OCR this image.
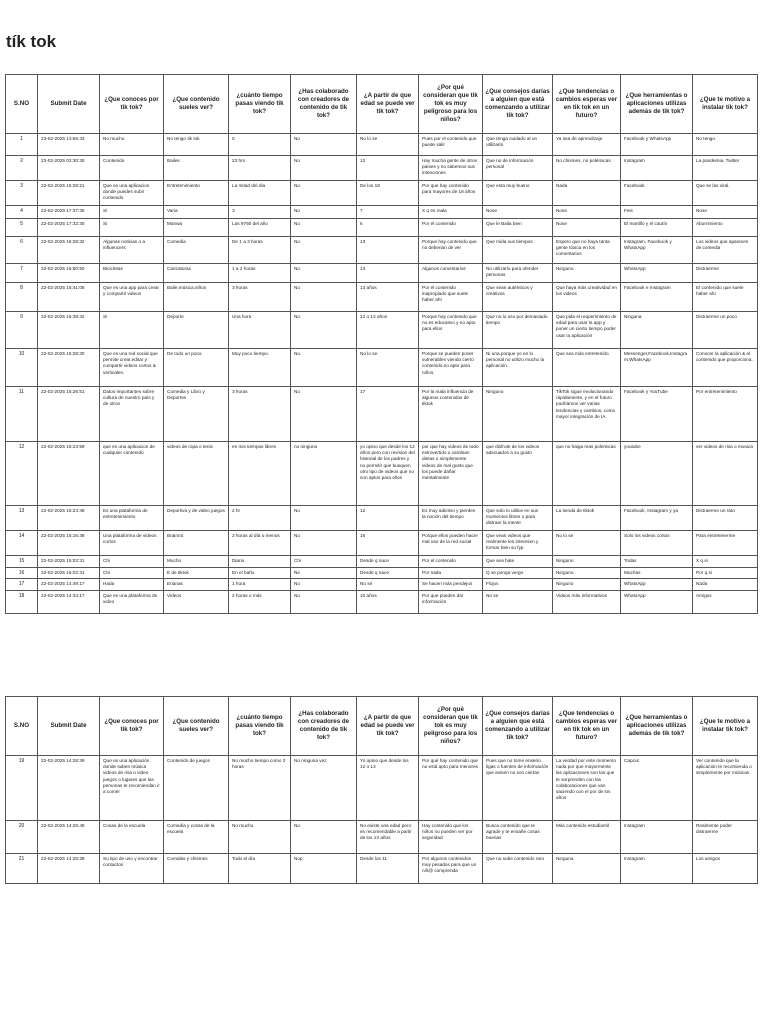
tík tok
S.NO	Submit Date	¿Que conoces por tik tok?	¿Que contenido sueles ver?	¿cuánto tiempo pasas viendo tik tok?	¿Has colaborado con creadores de contenido de tik tok?	¿A partir de que edad se puede ver tik tok?	¿Por qué consideran que tik tok es muy peligroso para los niños?	¿Que consejos darías a alguien que está comenzando a utilizar tik tok?	¿Que tendencias o cambios esperas ver en tik tok en un futuro?	¿Que herramientas o aplicaciones utilizas además de tik tok?	¿Que te motivo a instalar tik tok?
1	23-02-2025 13:55:43	No mucho	No tengo tik tok	0	No	No lo se	Pues por el contenido que puede salir	Que tenga cuidado al un utilizarlo	Ya sea de aprendizaje	Facebook y WhatsApp	No tengo
2	23-02-2025 02:30:30	Contenido	Bailes	23 hrs	No	12	Hay mucha gente de otros países y no sabemos sus intenciones	Que no de información personal	No chismes, no polémicas	Instagram	La pandemia. Twitter
3	22-02-2025 15:28:21	Que es una aplicacion donde puedes subir contenido	Entretenimiento	La mitad del dia	No	De los 18	Por que hay contenido para mayores de 18 años	Que esta muy bueno	Nada	Facebook	Que se las viral.
4	22-02-2025 17:37:36	Si	Varia	3	No	7	X q es mala	Nose	Nose	Feis	Nose
5	22-02-2025 17:32:30	Si	Manwa	Las 9760 del año	No	6	Por el contenido	Que le Baila bien	Nose	El martillo y el cautín	Aburrimiento
6	22-02-2025 16:29:32	Algunas noticias o a influencers	Comedia	De 1 a 3 horas	No	13	Porque hay contenido que no deberian de ver	Que mida sus tiempos	Espero que no haya tanta gente tóxica en los comentarios	Instagram, Facebook y WhatsApp	Los videos que aparecen de comedia
7	22-02-2025 15:50:50	Bicicletas	Caricaturas	1 a 2 horas	No	13	Algunos comentarios	No utilizarlo para ofender personas	Ninguno	WhatsApp	Distraerme
8	22-02-2025 15:41:05	Que es una app para crear y compartir videos	Baile,música,niños	3 horas	No	13 años	Por el contenido inapropiado que suele haber ahí	Que sean auténticos y creativos	Que haya más creatividad en los videos	Facebook e Instagram	El contenido que suele haber ahí
9	22-02-2025 15:38:42	Si	Deporte	Una hora	No	12 o 13 años	Porque hay contenido que no es educativo y no apto para ellos	Que no lo uso por demasiado tiempo	Que pida el requerimiento de edad para usar la app y poner un cierto tiempo poder usar la aplicación	Ninguna	Distraerme un poco
10	22-02-2025 15:29:30	Que es una red social que permite crear,editar y compartir videos cortos & verticales.	De todo un poco.	Muy poco tiempo.	No.	No lo se.	Porque se pueden poner vulnerables viendo cierto contenido,no apto para niños.	Ni una,porque yo en lo personal no utilizo mucho la aplicación.	Que sea más entretenido.	Messenger,Facebook,Instagram,WhatsApp	Conocer la aplicación & el contenido que proporciona.
11	22-02-2025 15:26:51	Datos importantes sobre cultura de nuestro país y de otros	Comedia y Libro y Deportes	3 horas	No	17	Por la mala influencia de algunos contenidos de tiktok	Ninguno	TikTok sigue evolucionando rápidamente, y en el futuro podríamos ver varias tendencias y cambios, como mayor integración de IA	Facebook y YouTube	Por entretenimiento
12	22-02-2025 15:23:59	que es una aplicacion de cualquier contenido	videos de ropa o tenis	en mis tiempos libres	no ninguno	yo opino que desde los 12 años pero con revision del historial de los padres y no permitir que busquen otro tipo de videos que no son aptos para ellos	por que hay videos de todo extrovertido o cambian dietas o simplemente videos de mal gusto que los puede dañar mentalmente	que disfrute de los videos adecuados a su gusto	que no haiga mas polemicas	youtube	ver videos de risa o musica
13	22-02-2025 15:23:49	Es una plataforma de entretenimiento	Deportiva y de video juegos	2 hr	No	12	Es muy adictivo y pierden la noción del tiempo	Que solo lo utilice en sus momentos libres o para distraer la mente	La tienda de tiktok	Facebook, Instagram y ya	Distraerme un rato
14	22-02-2025 15:16:48	Una plataforma de videos cortos	Brainrot	2 horas al día o menos	No	16	Porque ellos pueden hacer mal uso de la red social	Que vean videos que realmente les interesen y formar bien su fyp	No lo se	Solo los videos cortos	Para entretenerme
15	22-02-2025 15:03:31	Chi	Mucho	Diario	Chi	Desde q nace	Por el contenido	Que sea hate	Ninguno	Todas	X q si
16	22-02-2025 15:02:31	Chi	E de tiktok	En el baño	Ñe	Desde q nace	Por nada	Q se ponga vergo	Ninguno	Muchas	Por q si
17	22-02-2025 14:49:17	Hada	Enanas	1 hora	No	No sé	Se hacen más pendejos	Flojos	Ninguno	WhatsApp	Nada
18	22-02-2025 14:34:17	Que es una plataforma de video	Videos	2 horas o más	No	10 años	Por que pueden dar información	No se	Videos más informativos	WhatsApp	Amigos
S.NO	Submit Date	¿Que conoces por tik tok?	¿Que contenido sueles ver?	¿cuánto tiempo pasas viendo tik tok?	¿Has colaborado con creadores de contenido de tik tok?	¿A partir de que edad se puede ver tik tok?	¿Por qué consideran que tik tok es muy peligroso para los niños?	¿Que consejos darías a alguien que está comenzando a utilizar tik tok?	¿Que tendencias o cambios esperas ver en tik tok en un futuro?	¿Que herramientas o aplicaciones utilizas además de tik tok?	¿Que te motivo a instalar tik tok?
19	22-02-2025 14:28:39	Que es una aplicación donde suben música videos de risa o video juegos o lugares que las personas te recomiendan ir a comer	Contenido de juegos	No mucho tiempo como 3 horas	No ninguna vez	Yo opino que desde los 12 o 13	Por qué hay contenido que no está apto para menores	Pues que no tome enserio ligas o fuentes de información que avisen no son ciertas	La verdad por este momento nada por que mayormente las aplicaciones son las que te sorprenden con las colaboraciones que van saciendo con el por de los años	Capcut	Ver contenido que la aplicación te recomienda o simplemente por músicas
20	22-02-2025 14:25:49	Cosas de la escuela	Comedia y cosas de la escuela	No mucho	No	No existe una edad pero es recomendable a partir de los 13 años	Hay contenido que los niños no pueden ver por seguridad	Busca contenido que te agrade y te ensañe cosas buenas	Más contenido estudiantil	Instagram	Realmente poder distraerme
21	22-02-2025 14:25:28	Su tipo de uso y encontrar contactos	Comidas y chismes	Todo el día	Nop	Desde los 11	Por algunos contenidos muy pesados para que un niñ@ comprenda	Que no sube contenido raro	Ninguna	Instagram	Los amigos
